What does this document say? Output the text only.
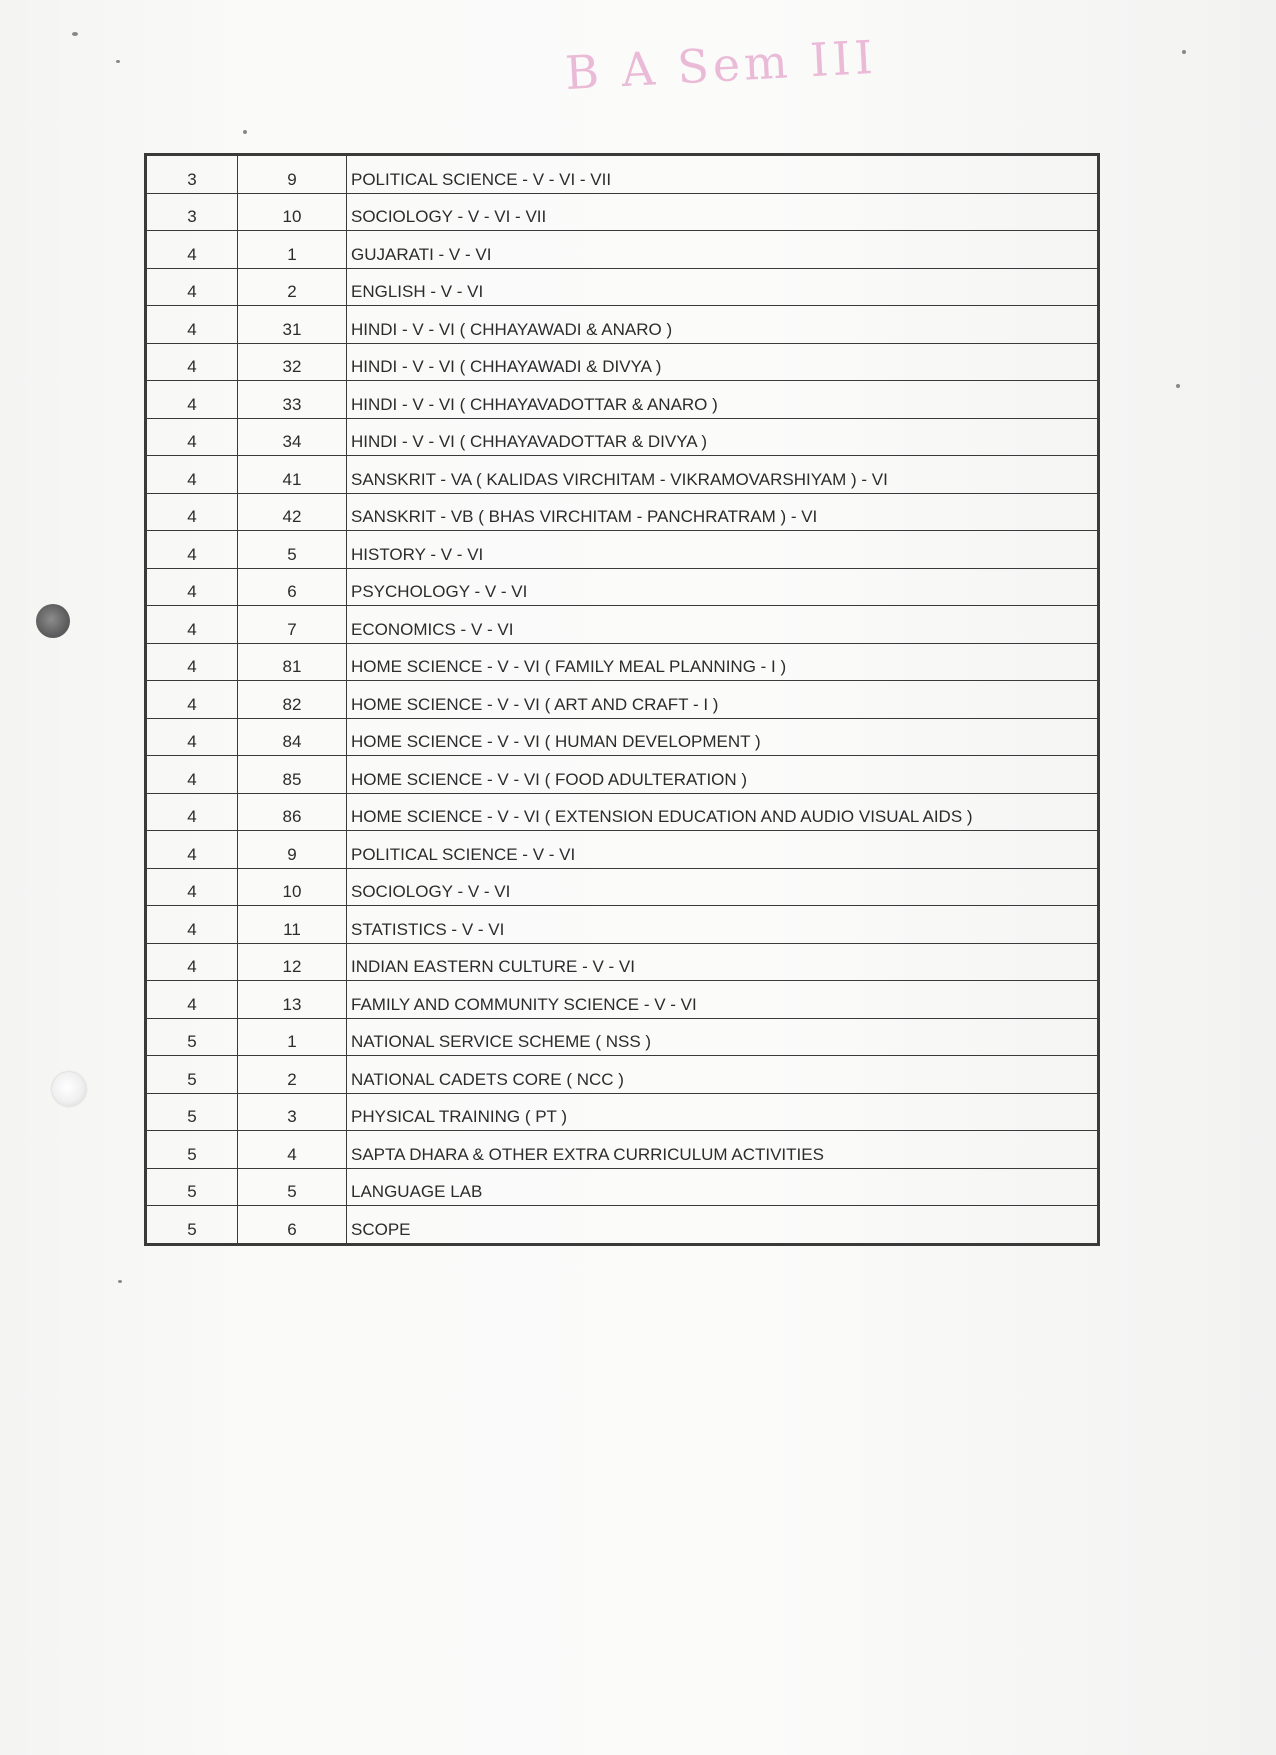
B A Sem III
3	9	POLITICAL SCIENCE - V - VI - VII
3	10	SOCIOLOGY - V - VI - VII
4	1	GUJARATI - V - VI
4	2	ENGLISH - V - VI
4	31	HINDI - V - VI ( CHHAYAWADI & ANARO )
4	32	HINDI - V - VI ( CHHAYAWADI & DIVYA )
4	33	HINDI - V - VI ( CHHAYAVADOTTAR & ANARO )
4	34	HINDI - V - VI ( CHHAYAVADOTTAR & DIVYA )
4	41	SANSKRIT - VA ( KALIDAS VIRCHITAM - VIKRAMOVARSHIYAM ) - VI
4	42	SANSKRIT - VB ( BHAS VIRCHITAM - PANCHRATRAM ) - VI
4	5	HISTORY - V - VI
4	6	PSYCHOLOGY - V - VI
4	7	ECONOMICS - V - VI
4	81	HOME SCIENCE - V - VI ( FAMILY MEAL PLANNING - I )
4	82	HOME SCIENCE - V - VI ( ART AND CRAFT - I )
4	84	HOME SCIENCE - V - VI ( HUMAN DEVELOPMENT )
4	85	HOME SCIENCE - V - VI ( FOOD ADULTERATION )
4	86	HOME SCIENCE - V - VI ( EXTENSION EDUCATION AND AUDIO VISUAL AIDS )
4	9	POLITICAL SCIENCE - V - VI
4	10	SOCIOLOGY - V - VI
4	11	STATISTICS - V - VI
4	12	INDIAN EASTERN CULTURE - V - VI
4	13	FAMILY AND COMMUNITY SCIENCE - V - VI
5	1	NATIONAL SERVICE SCHEME ( NSS )
5	2	NATIONAL CADETS CORE ( NCC )
5	3	PHYSICAL TRAINING ( PT )
5	4	SAPTA DHARA & OTHER EXTRA CURRICULUM ACTIVITIES
5	5	LANGUAGE LAB
5	6	SCOPE
